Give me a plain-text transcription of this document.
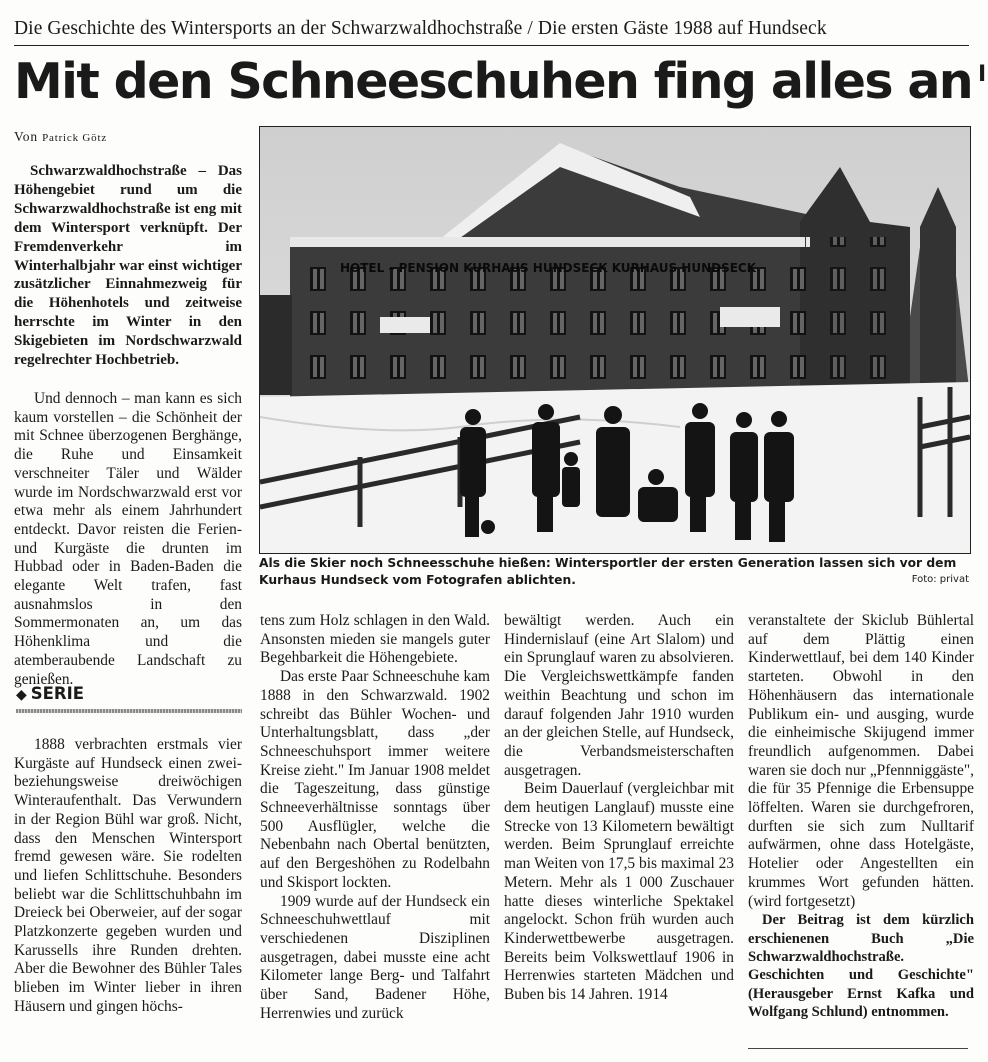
Die Geschichte des Wintersports an der Schwarzwaldhochstraße / Die ersten Gäste 1988 auf Hundseck
Mit den Schneeschuhen fing alles an I
Von Patrick Götz

Schwarzwaldhochstraße – Das Höhengebiet rund um die Schwarzwaldhochstraße ist eng mit dem Wintersport verknüpft. Der Fremdenverkehr im Winterhalbjahr war einst wichtiger zusätzlicher Einnahmezweig für die Höhenhotels und zeitweise herrschte im Winter in den Skigebieten im Nordschwarzwald regelrechter Hochbetrieb.

Und dennoch – man kann es sich kaum vorstellen – die Schönheit der mit Schnee überzogenen Berghänge, die Ruhe und Einsamkeit verschneiter Täler und Wälder wurde im Nordschwarzwald erst vor etwa mehr als einem Jahrhundert entdeckt. Davor reisten die Ferien- und Kurgäste die drunten im Hubbad oder in Baden-Baden die elegante Welt trafen, fast ausnahmslos in den Sommermonaten an, um das Höhenklima und die atemberaubende Landschaft zu genießen.

◆ SERIE

1888 verbrachten erstmals vier Kurgäste auf Hundseck einen zwei- beziehungsweise dreiwöchigen Winteraufenthalt. Das Verwundern in der Region Bühl war groß. Nicht, dass den Menschen Wintersport fremd gewesen wäre. Sie rodelten und liefen Schlittschuhe. Besonders beliebt war die Schlittschuhbahn im Dreieck bei Oberweier, auf der sogar Platzkonzerte gegeben wurden und Karussells ihre Runden drehten. Aber die Bewohner des Bühler Tales blieben im Winter lieber in ihren Häusern und gingen höchs-

HOTEL – PENSION KURHAUS HUNDSECK KURHAUS HUNDSECK
Als die Skier noch Schneesschuhe hießen: Wintersportler der ersten Generation lassen sich vor dem Kurhaus Hundseck vom Fotografen ablichten.	Foto: privat

tens zum Holz schlagen in den Wald. Ansonsten mieden sie mangels guter Begehbarkeit die Höhengebiete.

Das erste Paar Schneeschuhe kam 1888 in den Schwarzwald. 1902 schreibt das Bühler Wochen- und Unterhaltungsblatt, dass „der Schneeschuhsport immer weitere Kreise zieht." Im Januar 1908 meldet die Tageszeitung, dass günstige Schneeverhältnisse sonntags über 500 Ausflügler, welche die Nebenbahn nach Obertal benützten, auf den Bergeshöhen zu Rodelbahn und Skisport lockten.

1909 wurde auf der Hundseck ein Schneeschuhwettlauf mit verschiedenen Disziplinen ausgetragen, dabei musste eine acht Kilometer lange Berg- und Talfahrt über Sand, Badener Höhe, Herrenwies und zurück

bewältigt werden. Auch ein Hindernislauf (eine Art Slalom) und ein Sprunglauf waren zu absolvieren. Die Vergleichswettkämpfe fanden weithin Beachtung und schon im darauf folgenden Jahr 1910 wurden an der gleichen Stelle, auf Hundseck, die Verbandsmeisterschaften ausgetragen.

Beim Dauerlauf (vergleichbar mit dem heutigen Langlauf) musste eine Strecke von 13 Kilometern bewältigt werden. Beim Sprunglauf erreichte man Weiten von 17,5 bis maximal 23 Metern. Mehr als 1 000 Zuschauer hatte dieses winterliche Spektakel angelockt. Schon früh wurden auch Kinderwettbewerbe ausgetragen. Bereits beim Volkswettlauf 1906 in Herrenwies starteten Mädchen und Buben bis 14 Jahren. 1914

veranstaltete der Skiclub Bühlertal auf dem Plättig einen Kinderwettlauf, bei dem 140 Kinder starteten. Obwohl in den Höhenhäusern das internationale Publikum ein- und ausging, wurde die einheimische Skijugend immer freundlich aufgenommen. Dabei waren sie doch nur „Pfennniggäste", die für 35 Pfennige die Erbensuppe löffelten. Waren sie durchgefroren, durften sie sich zum Nulltarif aufwärmen, ohne dass Hotelgäste, Hotelier oder Angestellten ein krummes Wort gefunden hätten. (wird fortgesetzt)

Der Beitrag ist dem kürzlich erschienenen Buch „Die Schwarzwaldhochstraße. Geschichten und Geschichte" (Herausgeber Ernst Kafka und Wolfgang Schlund) entnommen.
